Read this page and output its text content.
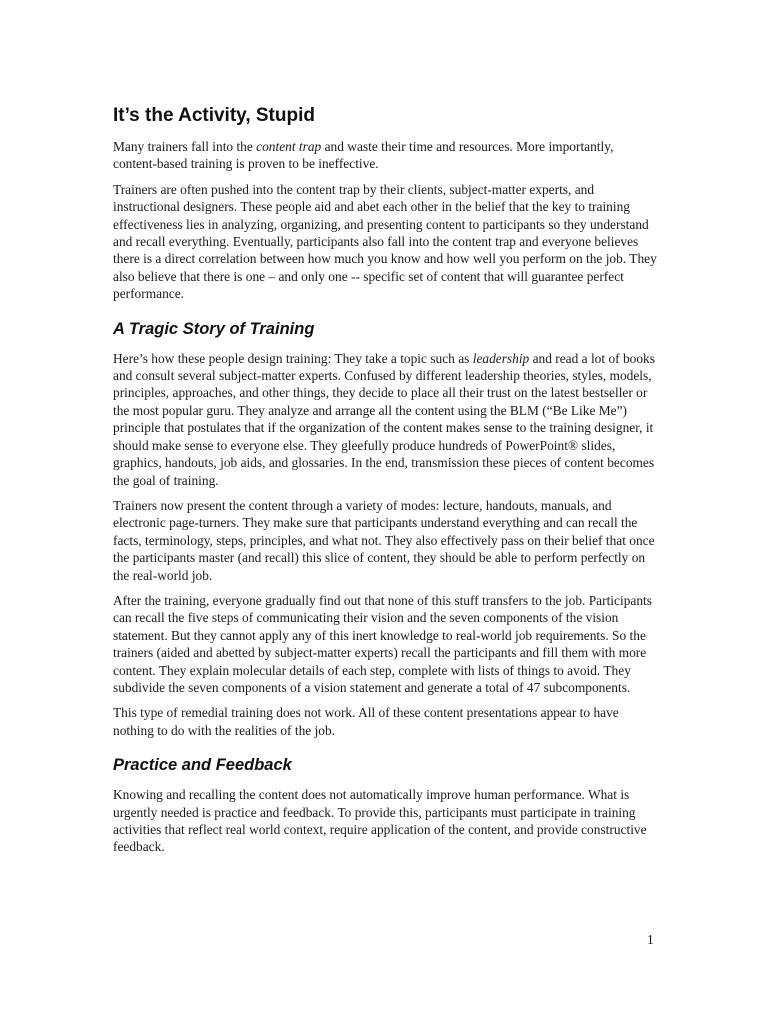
It’s the Activity, Stupid

Many trainers fall into the content trap and waste their time and resources. More importantly, content-based training is proven to be ineffective.

Trainers are often pushed into the content trap by their clients, subject-matter experts, and instructional designers. These people aid and abet each other in the belief that the key to training effectiveness lies in analyzing, organizing, and presenting content to participants so they understand and recall everything. Eventually, participants also fall into the content trap and everyone believes there is a direct correlation between how much you know and how well you perform on the job. They also believe that there is one – and only one -- specific set of content that will guarantee perfect performance.

A Tragic Story of Training

Here’s how these people design training: They take a topic such as leadership and read a lot of books and consult several subject-matter experts. Confused by different leadership theories, styles, models, principles, approaches, and other things, they decide to place all their trust on the latest bestseller or the most popular guru. They analyze and arrange all the content using the BLM (“Be Like Me”) principle that postulates that if the organization of the content makes sense to the training designer, it should make sense to everyone else. They gleefully produce hundreds of PowerPoint® slides, graphics, handouts, job aids, and glossaries. In the end, transmission these pieces of content becomes the goal of training.

Trainers now present the content through a variety of modes: lecture, handouts, manuals, and electronic page-turners. They make sure that participants understand everything and can recall the facts, terminology, steps, principles, and what not. They also effectively pass on their belief that once the participants master (and recall) this slice of content, they should be able to perform perfectly on the real-world job.

After the training, everyone gradually find out that none of this stuff transfers to the job. Participants can recall the five steps of communicating their vision and the seven components of the vision statement. But they cannot apply any of this inert knowledge to real-world job requirements. So the trainers (aided and abetted by subject-matter experts) recall the participants and fill them with more content. They explain molecular details of each step, complete with lists of things to avoid. They subdivide the seven components of a vision statement and generate a total of 47 subcomponents.

This type of remedial training does not work. All of these content presentations appear to have nothing to do with the realities of the job.

Practice and Feedback

Knowing and recalling the content does not automatically improve human performance. What is urgently needed is practice and feedback. To provide this, participants must participate in training activities that reflect real world context, require application of the content, and provide constructive feedback.

1
